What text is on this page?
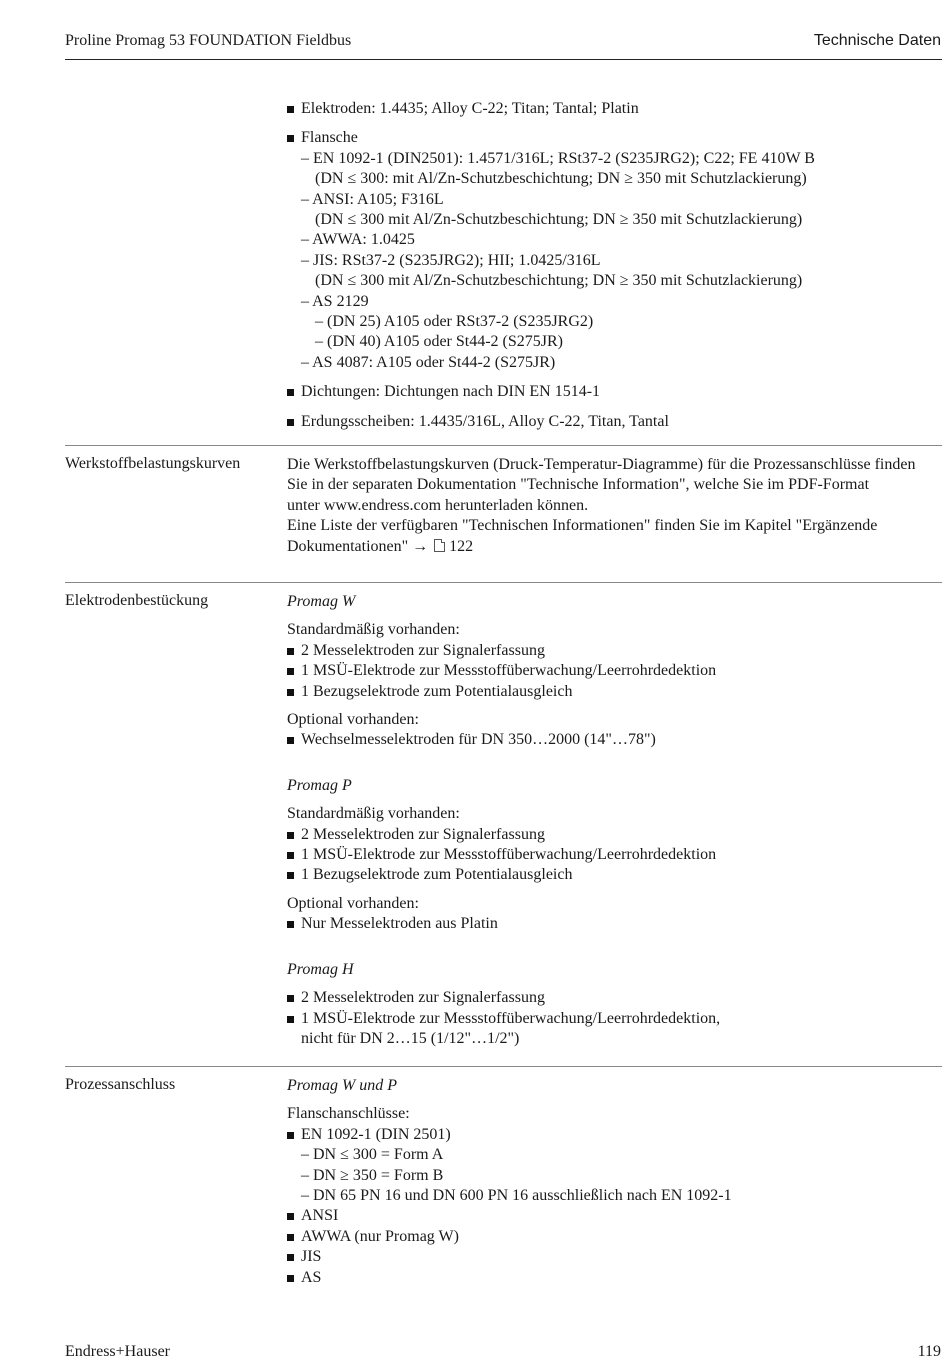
Proline Promag 53 FOUNDATION Fieldbus	Technische Daten
Elektroden: 1.4435; Alloy C-22; Titan; Tantal; Platin
Flansche
– EN 1092-1 (DIN2501): 1.4571/316L; RSt37-2 (S235JRG2); C22; FE 410W B
(DN ≤ 300: mit Al/Zn-Schutzbeschichtung; DN ≥ 350 mit Schutzlackierung)
– ANSI: A105; F316L
(DN ≤ 300 mit Al/Zn-Schutzbeschichtung; DN ≥ 350 mit Schutzlackierung)
– AWWA: 1.0425
– JIS: RSt37-2 (S235JRG2); HII; 1.0425/316L
(DN ≤ 300 mit Al/Zn-Schutzbeschichtung; DN ≥ 350 mit Schutzlackierung)
– AS 2129
– (DN 25) A105 oder RSt37-2 (S235JRG2)
– (DN 40) A105 oder St44-2 (S275JR)
– AS 4087: A105 oder St44-2 (S275JR)
Dichtungen: Dichtungen nach DIN EN 1514-1
Erdungsscheiben: 1.4435/316L, Alloy C-22, Titan, Tantal
Werkstoffbelastungskurven	Die Werkstoffbelastungskurven (Druck-Temperatur-Diagramme) für die Prozessanschlüsse finden
Sie in der separaten Dokumentation "Technische Information", welche Sie im PDF-Format
unter www.endress.com herunterladen können.
Eine Liste der verfügbaren "Technischen Informationen" finden Sie im Kapitel "Ergänzende
Dokumentationen" → 122
Elektrodenbestückung	Promag W
Standardmäßig vorhanden:
2 Messelektroden zur Signalerfassung
1 MSÜ-Elektrode zur Messstoffüberwachung/Leerrohrdedektion
1 Bezugselektrode zum Potentialausgleich
Optional vorhanden:
Wechselmesselektroden für DN 350…2000 (14"…78")
Promag P
Standardmäßig vorhanden:
2 Messelektroden zur Signalerfassung
1 MSÜ-Elektrode zur Messstoffüberwachung/Leerrohrdedektion
1 Bezugselektrode zum Potentialausgleich
Optional vorhanden:
Nur Messelektroden aus Platin
Promag H
2 Messelektroden zur Signalerfassung
1 MSÜ-Elektrode zur Messstoffüberwachung/Leerrohrdedektion,
nicht für DN 2…15 (1/12"…1/2")
Prozessanschluss	Promag W und P
Flanschanschlüsse:
EN 1092-1 (DIN 2501)
– DN ≤ 300 = Form A
– DN ≥ 350 = Form B
– DN 65 PN 16 und DN 600 PN 16 ausschließlich nach EN 1092-1
ANSI
AWWA (nur Promag W)
JIS
AS
Endress+Hauser	119
